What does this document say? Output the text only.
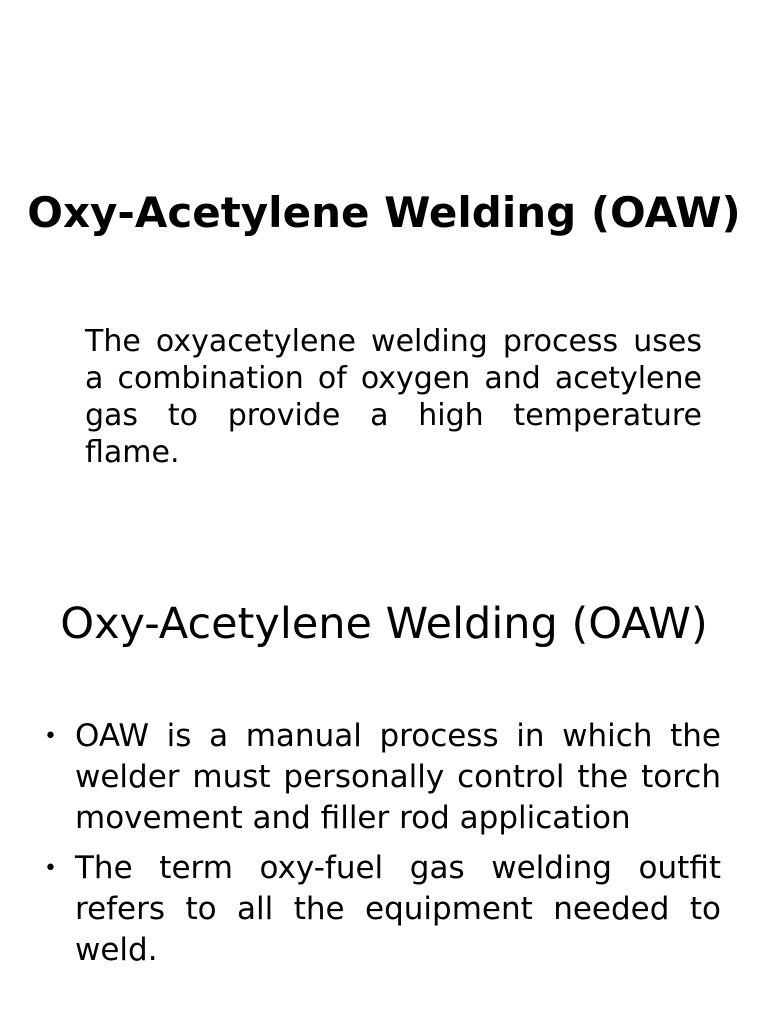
Oxy-Acetylene Welding (OAW)

The oxyacetylene welding process uses a combination of oxygen and acetylene gas to provide a high temperature flame.

Oxy-Acetylene Welding (OAW)
• OAW is a manual process in which the welder must personally control the torch movement and filler rod application
• The term oxy-fuel gas welding outfit refers to all the equipment needed to weld.
